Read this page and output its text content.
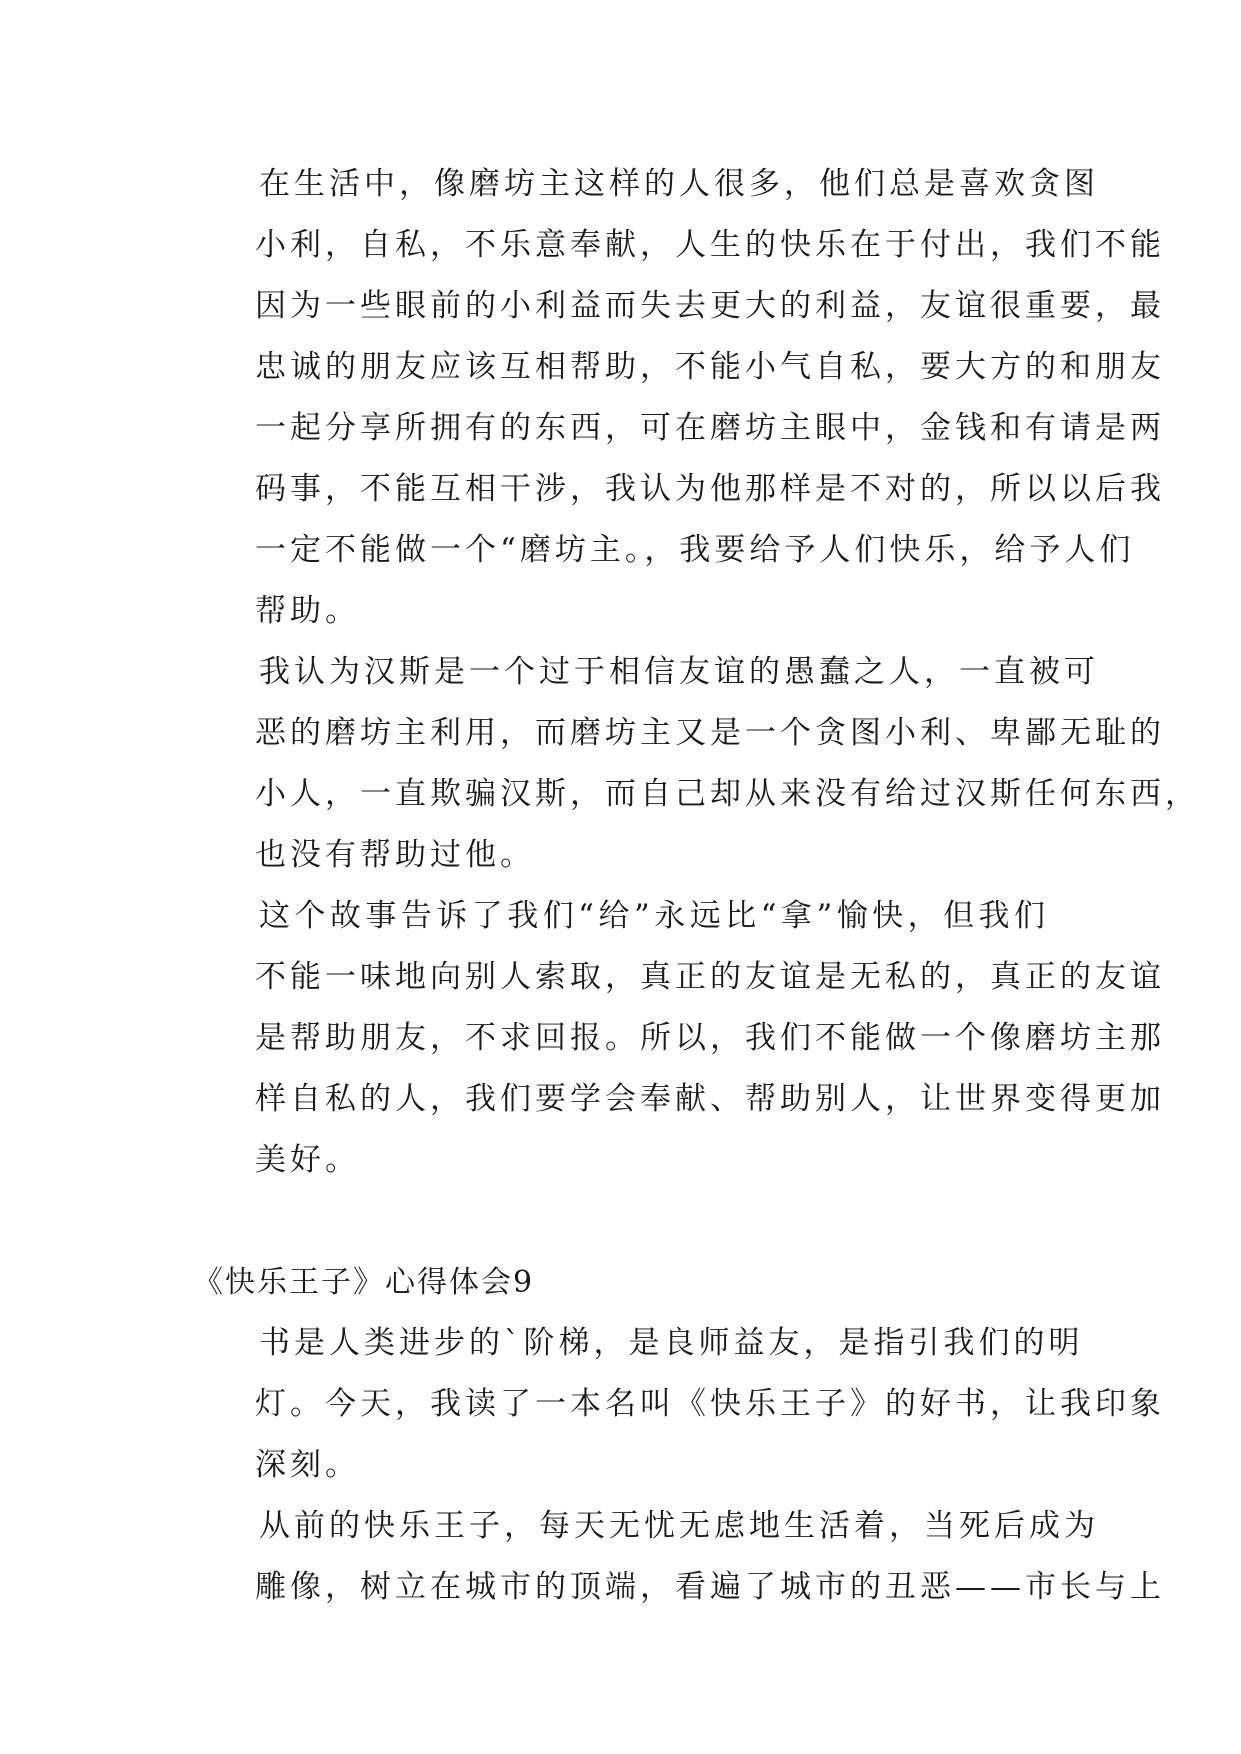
在生活中，像磨坊主这样的人很多，他们总是喜欢贪图
小利，自私，不乐意奉献，人生的快乐在于付出，我们不能
因为一些眼前的小利益而失去更大的利益，友谊很重要，最
忠诚的朋友应该互相帮助，不能小气自私，要大方的和朋友
一起分享所拥有的东西，可在磨坊主眼中，金钱和有请是两
码事，不能互相干涉，我认为他那样是不对的，所以以后我
一定不能做一个“磨坊主。，我要给予人们快乐，给予人们
帮助。
我认为汉斯是一个过于相信友谊的愚蠢之人，一直被可
恶的磨坊主利用，而磨坊主又是一个贪图小利、卑鄙无耻的
小人，一直欺骗汉斯，而自己却从来没有给过汉斯任何东西，
也没有帮助过他。
这个故事告诉了我们“给”永远比“拿”愉快，但我们
不能一味地向别人索取，真正的友谊是无私的，真正的友谊
是帮助朋友，不求回报。所以，我们不能做一个像磨坊主那
样自私的人，我们要学会奉献、帮助别人，让世界变得更加
美好。
《快乐王子》心得体会9
书是人类进步的`阶梯，是良师益友，是指引我们的明
灯。今天，我读了一本名叫《快乐王子》的好书，让我印象
深刻。
从前的快乐王子，每天无忧无虑地生活着，当死后成为
雕像，树立在城市的顶端，看遍了城市的丑恶——市长与上
